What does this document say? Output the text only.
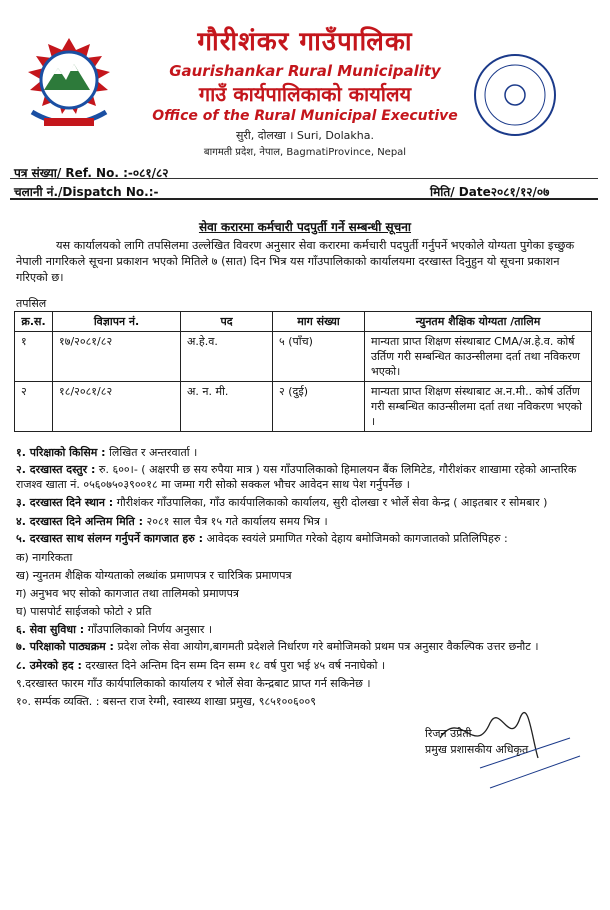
गौरीशंकर गाउँपालिका
Gaurishankar Rural Municipality
गाउँ कार्यपालिकाको कार्यालय
Office of the Rural Municipal Executive
सुरी, दोलखा । Suri, Dolakha.
बागमती प्रदेश, नेपाल, BagmatiProvince, Nepal
पत्र संख्या/ Ref. No. :-०८१/८२
चलानी नं./Dispatch No.:-	मिति/ Date२०८१/१२/०७
सेवा करारमा कर्मचारी पदपुर्ती गर्ने सम्बन्धी सूचना
यस कार्यालयको लागि तपसिलमा उल्लेखित विवरण अनुसार सेवा करारमा कर्मचारी पदपुर्ती गर्नुपर्ने भएकोले योग्यता पुगेका इच्छुक नेपाली नागरिकले सूचना प्रकाशन भएको मितिले ७ (सात) दिन भित्र यस गाँउपालिकाको कार्यालयमा दरखास्त दिनुहुन यो सूचना प्रकाशन गरिएको छ।
तपसिल
क्र.स.	विज्ञापन नं.	पद	माग संख्या	न्युनतम शैक्षिक योग्यता /तालिम
१	१७/२०८१/८२	अ.हे.व.	५ (पाँच)	मान्यता प्राप्त शिक्षण संस्थाबाट CMA/अ.हे.व. कोर्ष उर्तिण गरी सम्बन्धित काउन्सीलमा दर्ता तथा नविकरण भएको।
२	१८/२०८१/८२	अ. न. मी.	२ (दुई)	मान्यता प्राप्त शिक्षण संस्थाबाट अ.न.मी.. कोर्ष उर्तिण गरी सम्बन्धित काउन्सीलमा दर्ता तथा नविकरण भएको ।
१. परिक्षाको किसिम : लिखित र अन्तरवार्ता ।
२. दरखास्त दस्तुर : रु. ६००।- ( अक्षरपी छ सय रुपैया मात्र ) यस गाँउपालिकाको हिमालयन बैंक लिमिटेड, गौरीशंकर शाखामा रहेको आन्तरिक राजश्व खाता नं. ०५६०७५०३९००१८ मा जम्मा गरी सोको सक्कल भौचर आवेदन साथ पेश गर्नुपर्नेछ ।
३. दरखास्त दिने स्थान : गौरीशंकर गाँउपालिका, गाँउ कार्यपालिकाको कार्यालय, सुरी दोलखा र भोर्ले सेवा केन्द्र ( आइतबार र सोमबार )
४. दरखास्त दिने अन्तिम मिति : २०८१ साल चैत्र १५ गते कार्यालय समय भित्र ।
५. दरखास्त साथ संलग्न गर्नुपर्ने कागजात हरु : आवेदक स्वयंले प्रमाणित गरेको देहाय बमोजिमको कागजातको प्रतिलिपिहरु :
क) नागरिकता
ख) न्युनतम शैक्षिक योग्यताको लब्धांक प्रमाणपत्र र चारित्रिक प्रमाणपत्र
ग) अनुभव भए सोको कागजात तथा तालिमको प्रमाणपत्र
घ) पासपोर्ट साईजको फोटो २ प्रति
६. सेवा सुविधा : गाँउपालिकाको निर्णय अनुसार ।
७. परिक्षाको पाठ्यक्रम : प्रदेश लोक सेवा आयोग,बागमती प्रदेशले निर्धारण गरे बमोजिमको प्रथम पत्र अनुसार वैकल्पिक उत्तर छनौट ।
८. उमेरको हद : दरखास्त दिने अन्तिम दिन सम्म दिन सम्म १८ वर्ष पुरा भई ४५ वर्ष ननाघेको ।
९.दरखास्त फारम गाँउ कार्यपालिकाको कार्यालय र भोर्ले सेवा केन्द्रबाट प्राप्त गर्न सकिनेछ ।
१०. सर्म्पक व्यक्ति. : बसन्त राज रेग्मी, स्वास्थ्य शाखा प्रमुख, ९८५१००६००९
रिजन उप्रेती
प्रमुख प्रशासकीय अधिकृत
